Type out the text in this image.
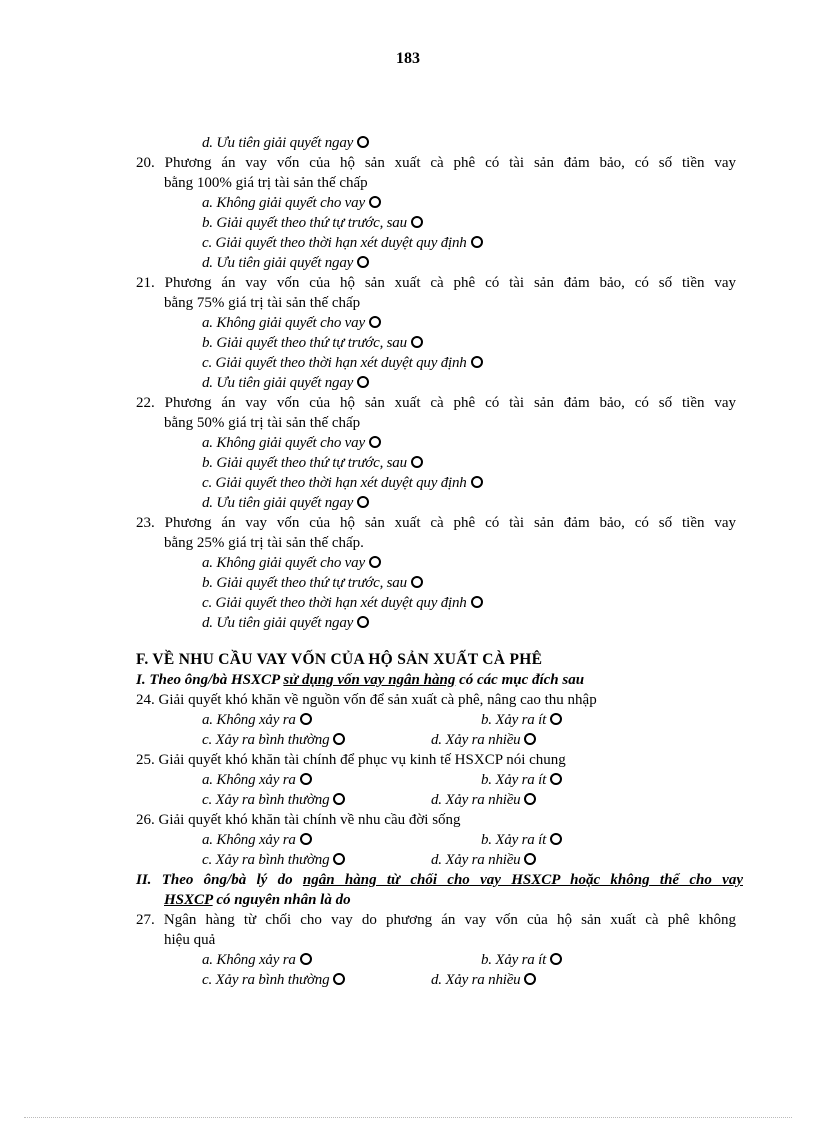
183
d. Ưu tiên giải quyết ngay
20. Phương án vay vốn của hộ sản xuất cà phê có tài sản đảm bảo, có số tiền vay
bằng 100% giá trị tài sản thế chấp
a. Không giải quyết cho vay
b. Giải quyết theo thứ tự trước, sau
c. Giải quyết theo thời hạn xét duyệt quy định
d. Ưu tiên giải quyết ngay
21. Phương án vay vốn của hộ sản xuất cà phê có tài sản đảm bảo, có số tiền vay
bằng 75% giá trị tài sản thế chấp
a. Không giải quyết cho vay
b. Giải quyết theo thứ tự trước, sau
c. Giải quyết theo thời hạn xét duyệt quy định
d. Ưu tiên giải quyết ngay
22. Phương án vay vốn của hộ sản xuất cà phê có tài sản đảm bảo, có số tiền vay
bằng 50% giá trị tài sản thế chấp
a. Không giải quyết cho vay
b. Giải quyết theo thứ tự trước, sau
c. Giải quyết theo thời hạn xét duyệt quy định
d. Ưu tiên giải quyết ngay
23. Phương án vay vốn của hộ sản xuất cà phê có tài sản đảm bảo, có số tiền vay
bằng 25% giá trị tài sản thế chấp.
a. Không giải quyết cho vay
b. Giải quyết theo thứ tự trước, sau
c. Giải quyết theo thời hạn xét duyệt quy định
d. Ưu tiên giải quyết ngay
F. VỀ NHU CẦU VAY VỐN CỦA HỘ SẢN XUẤT CÀ PHÊ
I. Theo ông/bà HSXCP sử dụng vốn vay ngân hàng có các mục đích sau
24. Giải quyết khó khăn về nguồn vốn để sản xuất cà phê, nâng cao thu nhập
a. Không xảy ra	b. Xảy ra ít
c. Xảy ra bình thường	d. Xảy ra nhiều
25. Giải quyết khó khăn tài chính để phục vụ kinh tế HSXCP nói chung
a. Không xảy ra	b. Xảy ra ít
c. Xảy ra bình thường	d. Xảy ra nhiều
26. Giải quyết khó khăn tài chính về nhu cầu đời sống
a. Không xảy ra	b. Xảy ra ít
c. Xảy ra bình thường	d. Xảy ra nhiều
II. Theo ông/bà lý do ngân hàng từ chối cho vay HSXCP hoặc không thể cho vay
HSXCP có nguyên nhân là do
27. Ngân hàng từ chối cho vay do phương án vay vốn của hộ sản xuất cà phê không
hiệu quả
a. Không xảy ra	b. Xảy ra ít
c. Xảy ra bình thường	d. Xảy ra nhiều
